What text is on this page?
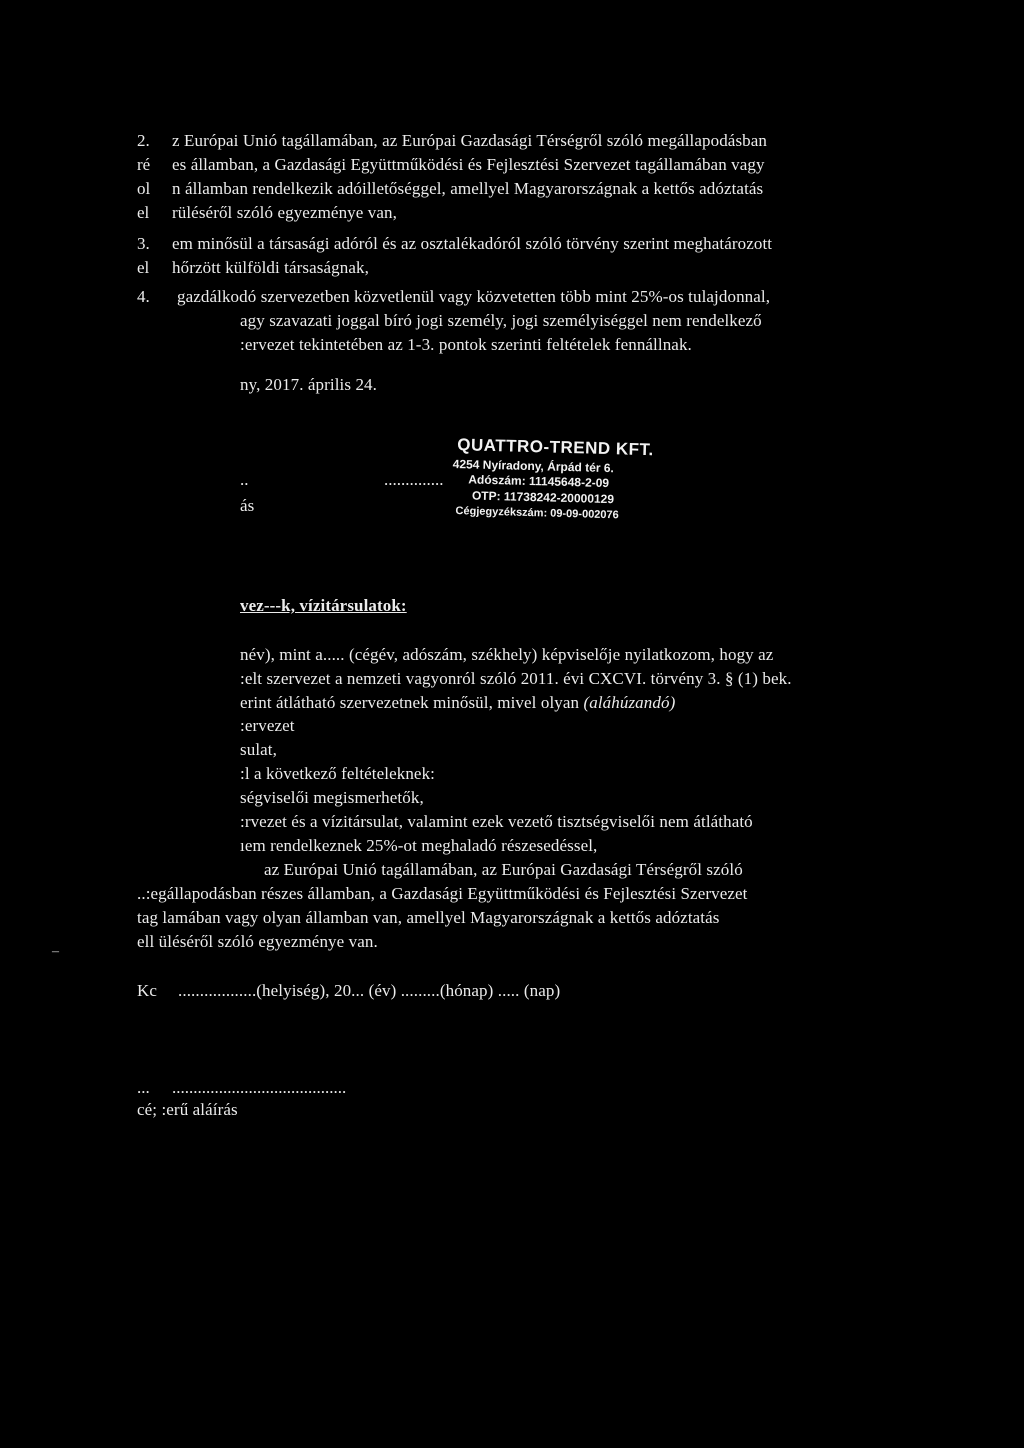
2. z Európai Unió tagállamában, az Európai Gazdasági Térségről szóló megállapodásban
ré es államban, a Gazdasági Együttműködési és Fejlesztési Szervezet tagállamában vagy
ol n államban rendelkezik adóilletőséggel, amellyel Magyarországnak a kettős adóztatás
el rüléséről szóló egyezménye van,
3. em minősül a társasági adóról és az osztalékadóról szóló törvény szerint meghatározott
el hőrzött külföldi társaságnak,
4. gazdálkodó szervezetben közvetlenül vagy közvetetten több mint 25%-os tulajdonnal,
agy szavazati joggal bíró jogi személy, jogi személyiséggel nem rendelkező
:ervezet tekintetében az 1-3. pontok szerinti feltételek fennállnak.
ny, 2017. április 24.
..	..............
ás
QUATTRO-TREND KFT.
4254 Nyíradony, Árpád tér 6.
Adószám: 11145648-2-09
OTP: 11738242-20000129
Cégjegyzékszám: 09-09-002076
vez---k, vízitársulatok:
név), mint a..... (cégév, adószám, székhely) képviselője nyilatkozom, hogy az
:elt szervezet a nemzeti vagyonról szóló 2011. évi CXCVI. törvény 3. § (1) bek.
erint átlátható szervezetnek minősül, mivel olyan (aláhúzandó)
:ervezet
sulat,
:l a következő feltételeknek:
ségviselői megismerhetők,
:rvezet és a vízitársulat, valamint ezek vezető tisztségviselői nem átlátható
ıem rendelkeznek 25%-ot meghaladó részesedéssel,
az Európai Unió tagállamában, az Európai Gazdasági Térségről szóló
..:egállapodásban részes államban, a Gazdasági Együttműködési és Fejlesztési Szervezet
tag lamában vagy olyan államban van, amellyel Magyarországnak a kettős adóztatás
ell üléséről szóló egyezménye van.
–
Kc ..................(helyiség), 20... (év) .........(hónap) ..... (nap)
... .........................................
cé; :erű aláírás
